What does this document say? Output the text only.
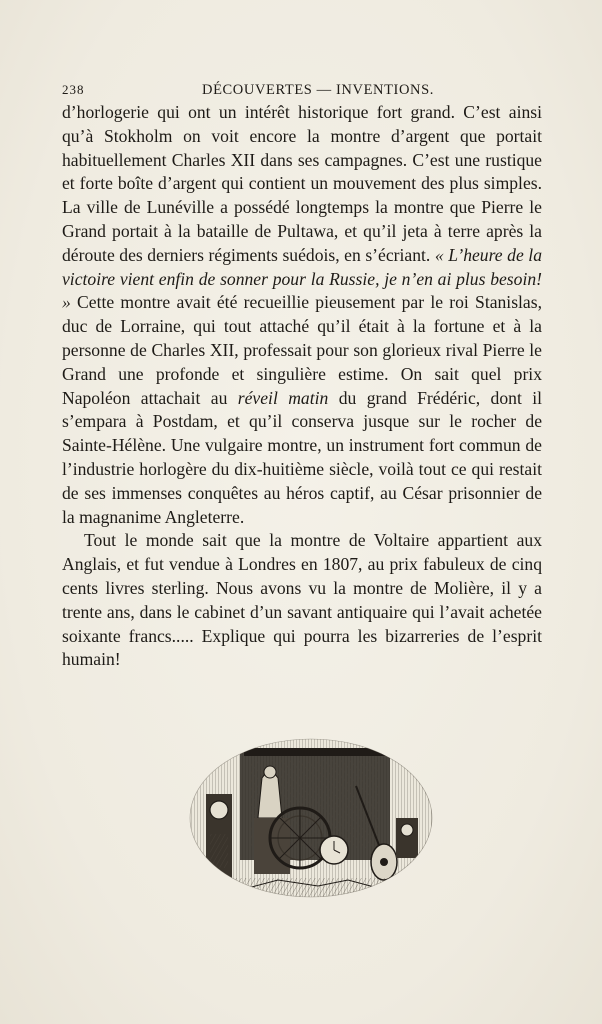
238	DÉCOUVERTES — INVENTIONS.

d’horlogerie qui ont un intérêt historique fort grand. C’est ainsi qu’à Stokholm on voit encore la montre d’argent que portait habituellement Charles XII dans ses campagnes. C’est une rustique et forte boîte d’argent qui contient un mouvement des plus simples. La ville de Lunéville a possédé longtemps la montre que Pierre le Grand portait à la bataille de Pultawa, et qu’il jeta à terre après la déroute des derniers régiments suédois, en s’écriant. « L’heure de la victoire vient enfin de sonner pour la Russie, je n’en ai plus besoin! » Cette montre avait été recueillie pieusement par le roi Stanislas, duc de Lorraine, qui tout attaché qu’il était à la fortune et à la personne de Charles XII, professait pour son glorieux rival Pierre le Grand une profonde et singulière estime. On sait quel prix Napoléon attachait au réveil matin du grand Frédéric, dont il s’empara à Postdam, et qu’il conserva jusque sur le rocher de Sainte-Hélène. Une vulgaire montre, un instrument fort commun de l’industrie horlogère du dix-huitième siècle, voilà tout ce qui restait de ses immenses conquêtes au héros captif, au César prisonnier de la magnanime Angleterre.

Tout le monde sait que la montre de Voltaire appartient aux Anglais, et fut vendue à Londres en 1807, au prix fabuleux de cinq cents livres sterling. Nous avons vu la montre de Molière, il y a trente ans, dans le cabinet d’un savant antiquaire qui l’avait achetée soixante francs..... Explique qui pourra les bizarreries de l’esprit humain!
